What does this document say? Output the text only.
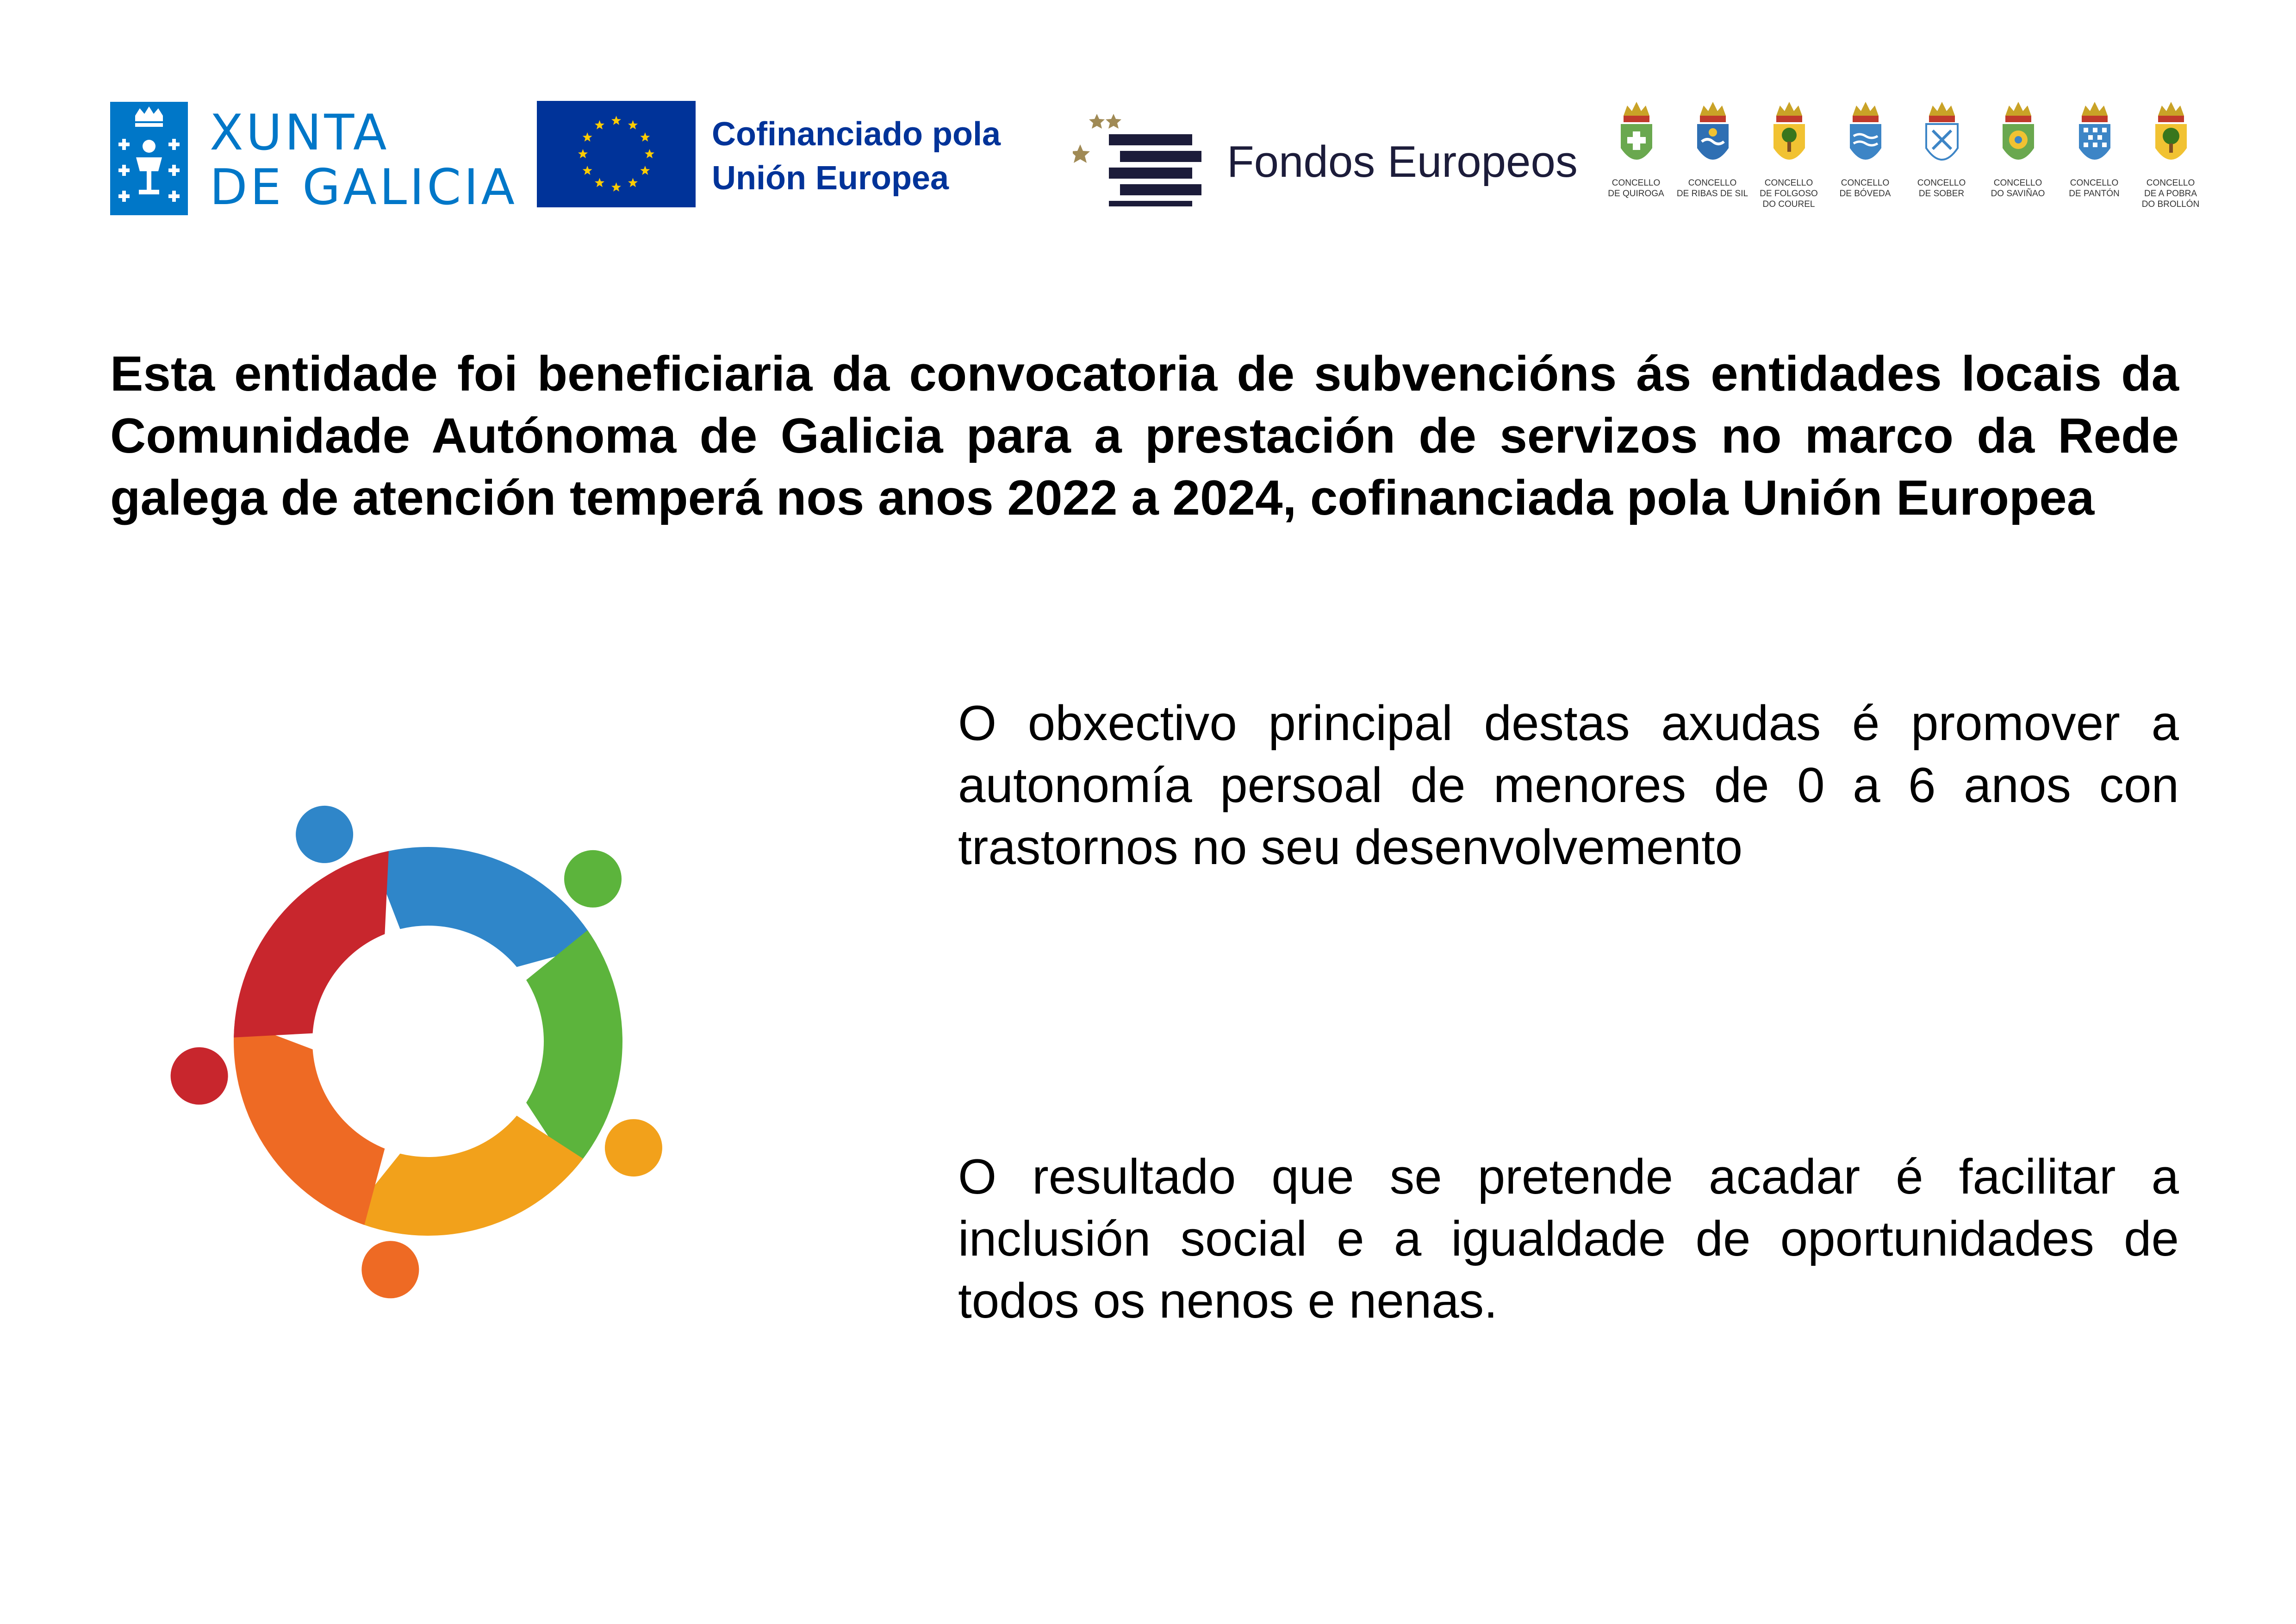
XUNTA
DE GALICIA
Cofinanciado pola
Unión Europea	Fondos Europeos	CONCELLO
DE QUIROGA
CONCELLO
DE RIBAS DE SIL
CONCELLO
DE FOLGOSO
DO COUREL
CONCELLO
DE BÓVEDA
CONCELLO
DE SOBER
CONCELLO
DO SAVIÑAO
CONCELLO
DE PANTÓN
CONCELLO
DE A POBRA
DO BROLLÓN

Esta entidade foi beneficiaria da convocatoria de subvencións ás entidades locais da Comunidade Autónoma de Galicia para a prestación de servizos no marco da Rede galega de atención temperá nos anos 2022 a 2024, cofinanciada pola Unión Europea

O obxectivo principal destas axudas é promover a autonomía persoal de menores de 0 a 6 anos con trastornos no seu desenvolvemento

O resultado que se pretende acadar é facilitar a inclusión social e a igualdade de oportunidades de todos os nenos e nenas.
